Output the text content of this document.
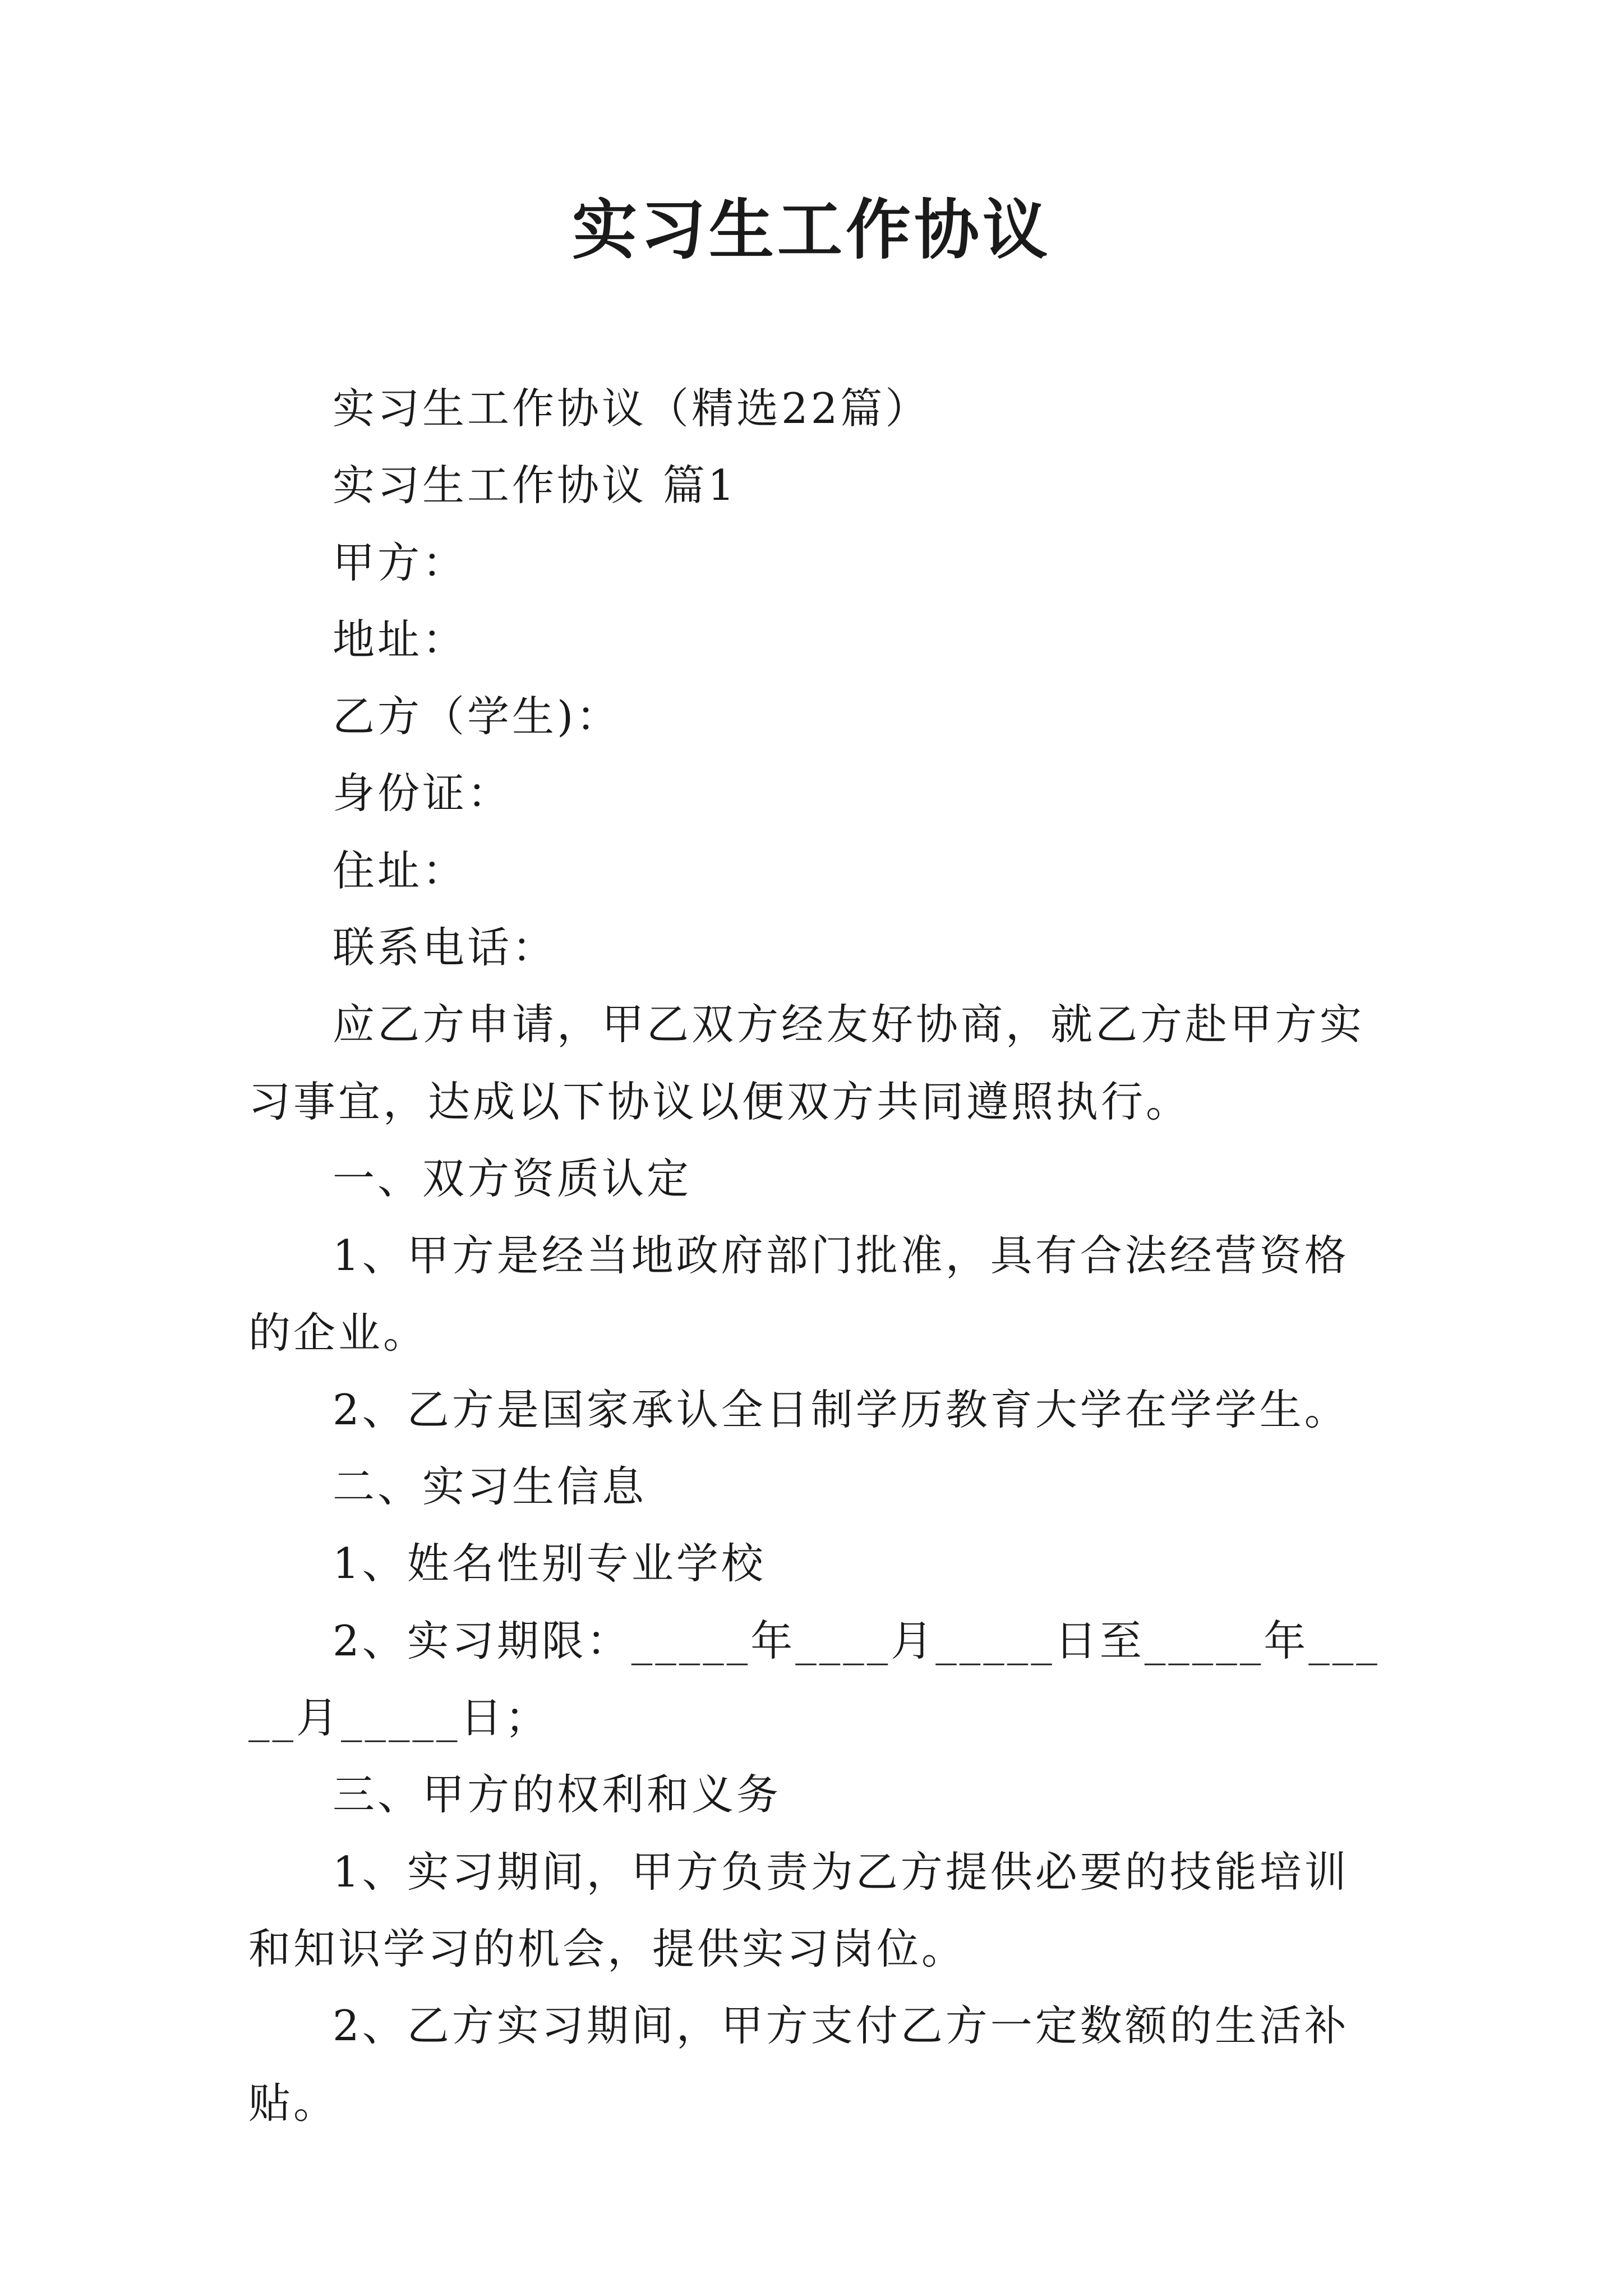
实习生工作协议

实习生工作协议（精选22篇）

实习生工作协议 篇1

甲方：

地址：

乙方（学生)：

身份证：

住址：

联系电话：

应乙方申请，甲乙双方经友好协商，就乙方赴甲方实习事宜，达成以下协议以便双方共同遵照执行。

一、双方资质认定

1、甲方是经当地政府部门批准，具有合法经营资格的企业。

2、乙方是国家承认全日制学历教育大学在学学生。

二、实习生信息

1、姓名性别专业学校

2、实习期限：_____年____月_____日至_____年_____月_____日；

三、甲方的权利和义务

1、实习期间，甲方负责为乙方提供必要的技能培训和知识学习的机会，提供实习岗位。

2、乙方实习期间，甲方支付乙方一定数额的生活补贴。
